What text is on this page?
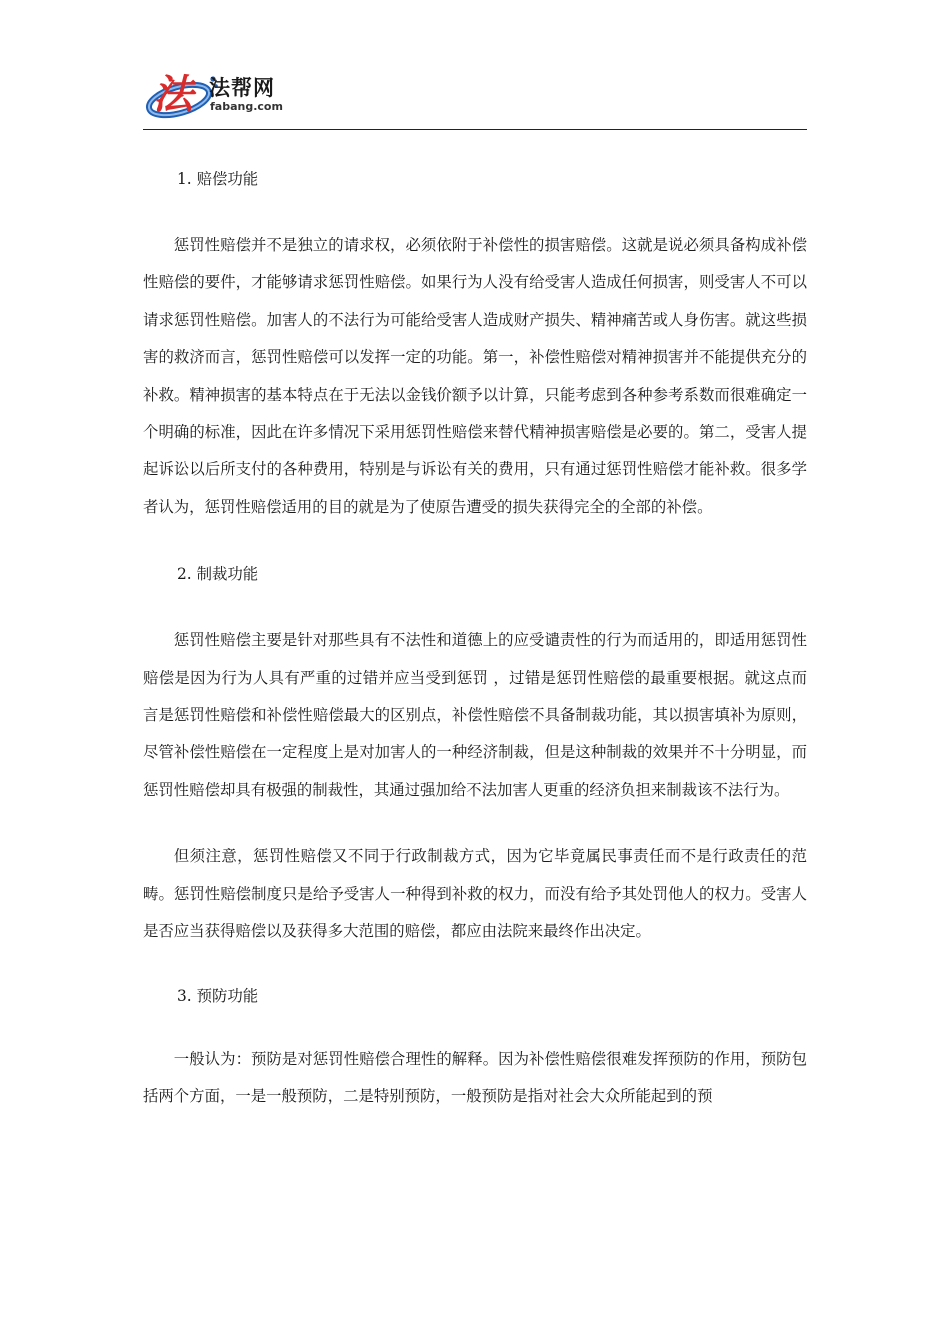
法 法帮网
fabang.com

1. 赔偿功能

惩罚性赔偿并不是独立的请求权，必须依附于补偿性的损害赔偿。这就是说必须具备构成补偿性赔偿的要件，才能够请求惩罚性赔偿。如果行为人没有给受害人造成任何损害，则受害人不可以请求惩罚性赔偿。加害人的不法行为可能给受害人造成财产损失、精神痛苦或人身伤害。就这些损害的救济而言，惩罚性赔偿可以发挥一定的功能。第一，补偿性赔偿对精神损害并不能提供充分的补救。精神损害的基本特点在于无法以金钱价额予以计算，只能考虑到各种参考系数而很难确定一个明确的标准，因此在许多情况下采用惩罚性赔偿来替代精神损害赔偿是必要的。第二，受害人提起诉讼以后所支付的各种费用，特别是与诉讼有关的费用，只有通过惩罚性赔偿才能补救。很多学者认为，惩罚性赔偿适用的目的就是为了使原告遭受的损失获得完全的全部的补偿。

2. 制裁功能

惩罚性赔偿主要是针对那些具有不法性和道德上的应受谴责性的行为而适用的，即适用惩罚性赔偿是因为行为人具有严重的过错并应当受到惩罚 ，过错是惩罚性赔偿的最重要根据。就这点而言是惩罚性赔偿和补偿性赔偿最大的区别点，补偿性赔偿不具备制裁功能，其以损害填补为原则，尽管补偿性赔偿在一定程度上是对加害人的一种经济制裁，但是这种制裁的效果并不十分明显，而惩罚性赔偿却具有极强的制裁性，其通过强加给不法加害人更重的经济负担来制裁该不法行为。

但须注意，惩罚性赔偿又不同于行政制裁方式，因为它毕竟属民事责任而不是行政责任的范畴。惩罚性赔偿制度只是给予受害人一种得到补救的权力，而没有给予其处罚他人的权力。受害人是否应当获得赔偿以及获得多大范围的赔偿，都应由法院来最终作出决定。

3. 预防功能

一般认为：预防是对惩罚性赔偿合理性的解释。因为补偿性赔偿很难发挥预防的作用，预防包括两个方面，一是一般预防，二是特别预防，一般预防是指对社会大众所能起到的预
